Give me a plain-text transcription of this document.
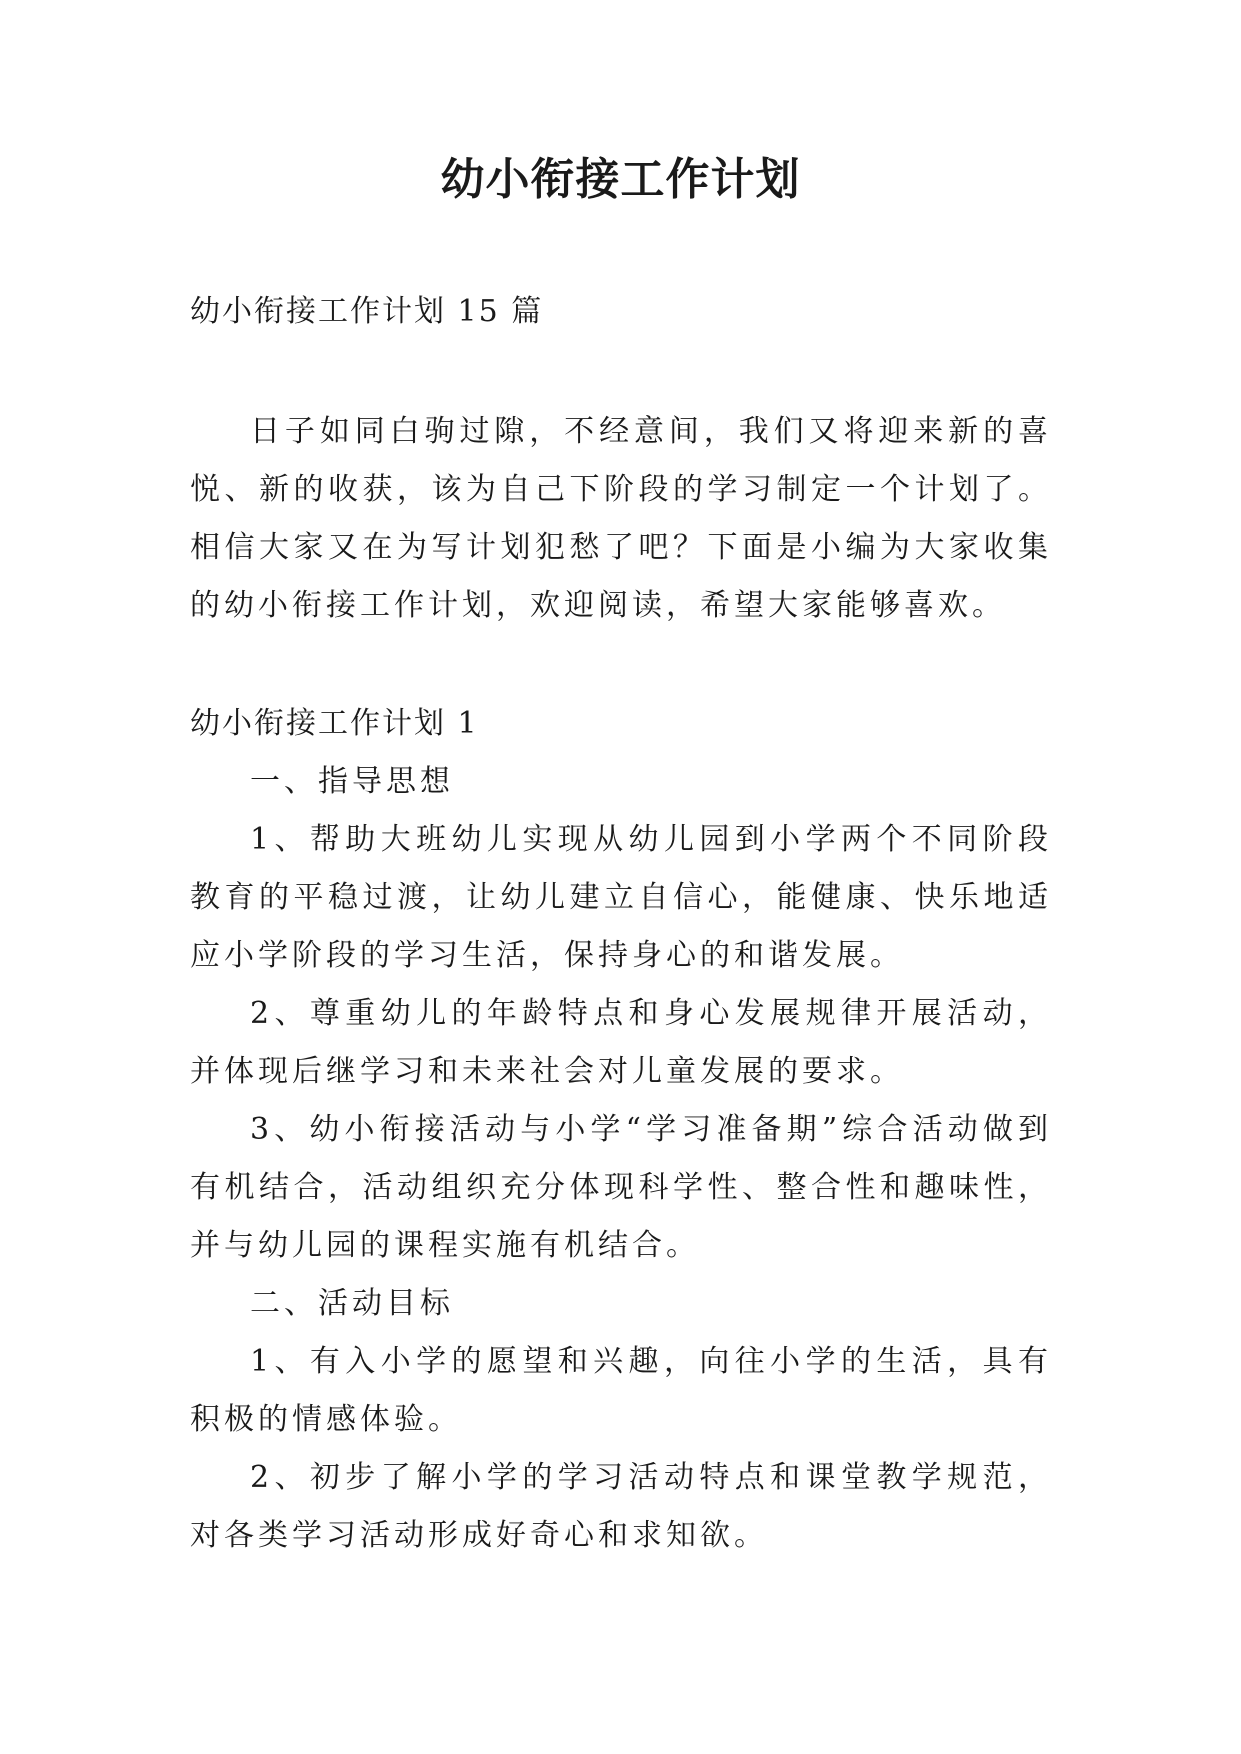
幼小衔接工作计划
幼小衔接工作计划 15 篇

日子如同白驹过隙，不经意间，我们又将迎来新的喜悦、新的收获，该为自己下阶段的学习制定一个计划了。相信大家又在为写计划犯愁了吧？下面是小编为大家收集的幼小衔接工作计划，欢迎阅读，希望大家能够喜欢。

幼小衔接工作计划 1

一、指导思想

1、帮助大班幼儿实现从幼儿园到小学两个不同阶段教育的平稳过渡，让幼儿建立自信心，能健康、快乐地适应小学阶段的学习生活，保持身心的和谐发展。

2、尊重幼儿的年龄特点和身心发展规律开展活动，并体现后继学习和未来社会对儿童发展的要求。

3、幼小衔接活动与小学“学习准备期”综合活动做到有机结合，活动组织充分体现科学性、整合性和趣味性，并与幼儿园的课程实施有机结合。

二、活动目标

1、有入小学的愿望和兴趣，向往小学的生活，具有积极的情感体验。

2、初步了解小学的学习活动特点和课堂教学规范，对各类学习活动形成好奇心和求知欲。
